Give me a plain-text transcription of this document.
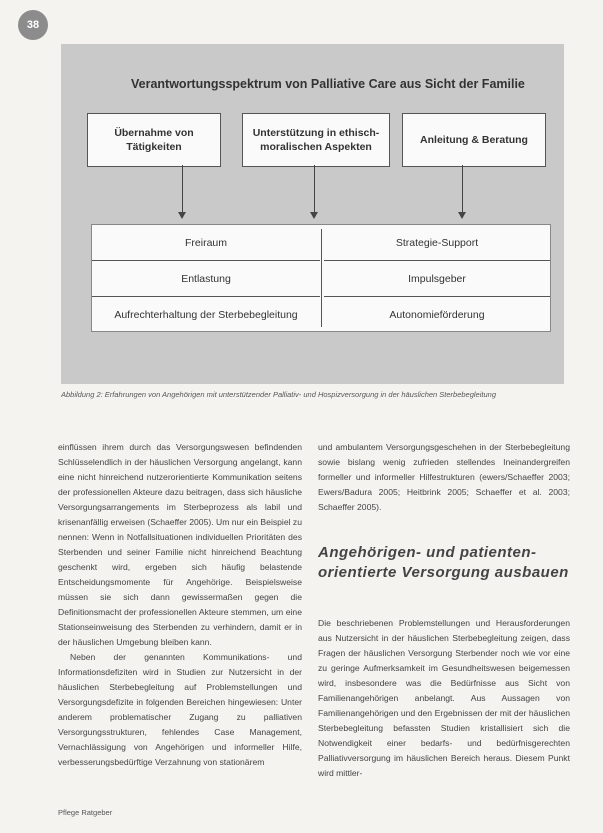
38
Verantwortungsspektrum von Palliative Care aus Sicht der Familie
Übernahme von
Tätigkeiten
Unterstützung in ethisch-
moralischen Aspekten
Anleitung & Beratung
Freiraum
Entlastung
Aufrechterhaltung der Sterbebegleitung
Strategie-Support
Impulsgeber
Autonomieförderung
Abbildung 2: Erfahrungen von Angehörigen mit unterstützender Palliativ- und Hospizversorgung in der häuslichen Sterbebegleitung

einflüssen ihrem durch das Versorgungswesen befindenden Schlüsselendlich in der häuslichen Versorgung angelangt, kann eine nicht hinreichend nutzerorientierte Kommunikation seitens der professionellen Akteure dazu beitragen, dass sich häusliche Versorgungsarrangements im Sterbeprozess als labil und krisenanfällig erweisen (Schaeffer 2005). Um nur ein Beispiel zu nennen: Wenn in Notfallsituationen individuellen Prioritäten des Sterbenden und seiner Familie nicht hinreichend Beachtung geschenkt wird, ergeben sich häufig belastende Entscheidungsmomente für Angehörige. Beispielsweise müssen sie sich dann gewissermaßen gegen die Definitionsmacht der professionellen Akteure stemmen, um eine Stationseinweisung des Sterbenden zu verhindern, damit er in der häuslichen Umgebung bleiben kann.

Neben der genannten Kommunikations- und Informationsdefiziten wird in Studien zur Nutzersicht in der häuslichen Sterbebegleitung auf Problemstellungen und Versorgungsdefizite in folgenden Bereichen hingewiesen: Unter anderem problematischer Zugang zu palliativen Versorgungsstrukturen, fehlendes Case Management, Vernachlässigung von Angehörigen und informeller Hilfe, verbesserungsbedürftige Verzahnung von stationärem

und ambulantem Versorgungsgeschehen in der Sterbebegleitung sowie bislang wenig zufrieden stellendes Ineinandergreifen formeller und informeller Hilfestrukturen (ewers/Schaeffer 2003; Ewers/Badura 2005; Heitbrink 2005; Schaeffer et al. 2003; Schaeffer 2005).

Angehörigen- und patienten-orientierte Versorgung ausbauen

Die beschriebenen Problemstellungen und Herausforderungen aus Nutzersicht in der häuslichen Sterbebegleitung zeigen, dass Fragen der häuslichen Versorgung Sterbender noch wie vor eine zu geringe Aufmerksamkeit im Gesundheitswesen beigemessen wird, insbesondere was die Bedürfnisse aus Sicht von Familienangehörigen anbelangt. Aus Aussagen von Familienangehörigen und den Ergebnissen der mit der häuslichen Sterbebegleitung befassten Studien kristallisiert sich die Notwendigkeit einer bedarfs- und bedürfnisgerechten Palliativversorgung im häuslichen Bereich heraus. Diesem Punkt wird mittler-

Pflege Ratgeber
